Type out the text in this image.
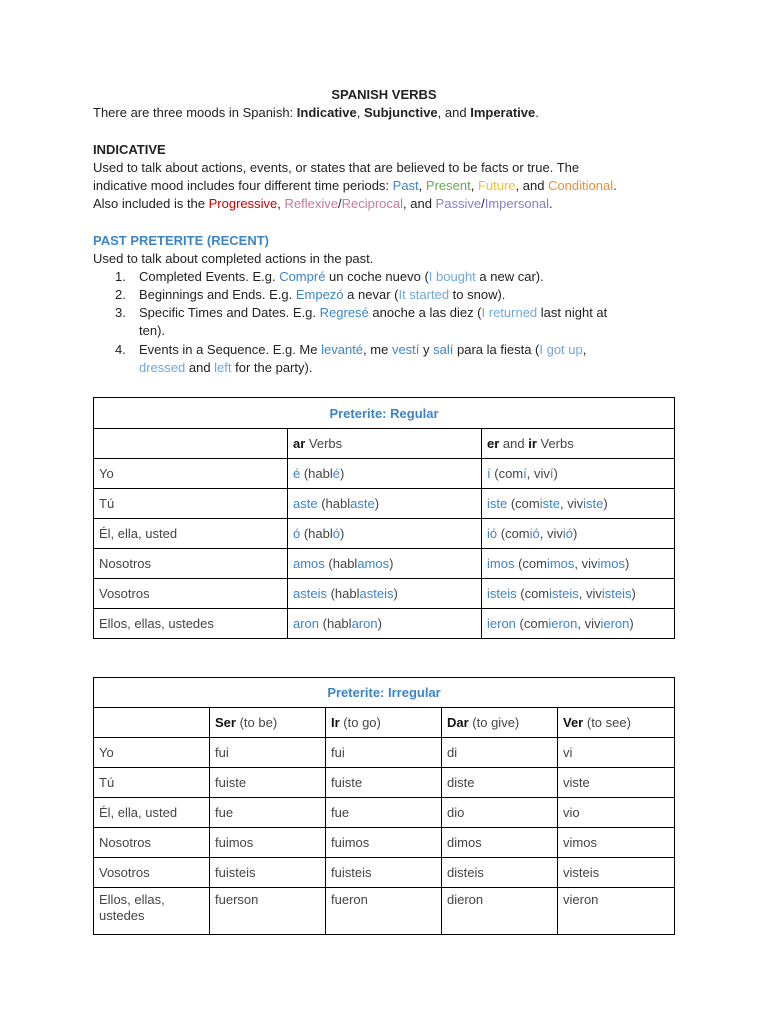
SPANISH VERBS
There are three moods in Spanish: Indicative, Subjunctive, and Imperative.
INDICATIVE
Used to talk about actions, events, or states that are believed to be facts or true. The
indicative mood includes four different time periods: Past, Present, Future, and Conditional.
Also included is the Progressive, Reflexive/Reciprocal, and Passive/Impersonal.
PAST PRETERITE (RECENT)
Used to talk about completed actions in the past.
1. Completed Events. E.g. Compré un coche nuevo (I bought a new car).
2. Beginnings and Ends. E.g. Empezó a nevar (It started to snow).
3. Specific Times and Dates. E.g. Regresé anoche a las diez (I returned last night at
ten).
4. Events in a Sequence. E.g. Me levanté, me vestí y salí para la fiesta (I got up,
dressed and left for the party).
Preterite: Regular		
	ar Verbs	er and ir Verbs
Yo	é (hablé)	í (comí, viví)
Tú	aste (hablaste)	iste (comiste, viviste)
Él, ella, usted	ó (habló)	ió (comió, vivió)
Nosotros	amos (hablamos)	imos (comimos, vivimos)
Vosotros	asteis (hablasteis)	isteis (comisteis, vivisteis)
Ellos, ellas, ustedes	aron (hablaron)	ieron (comieron, vivieron)
Preterite: Irregular				
	Ser (to be)	Ir (to go)	Dar (to give)	Ver (to see)
Yo	fui	fui	di	vi
Tú	fuiste	fuiste	diste	viste
Él, ella, usted	fue	fue	dio	vio
Nosotros	fuimos	fuimos	dimos	vimos
Vosotros	fuisteis	fuisteis	disteis	visteis
Ellos, ellas,
ustedes	fuerson	fueron	dieron	vieron
